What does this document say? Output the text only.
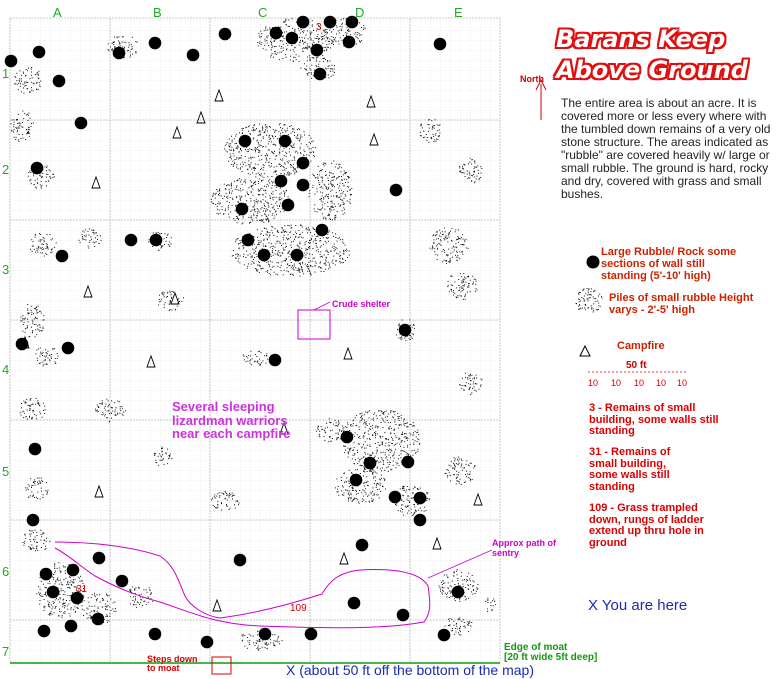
A	B	C	D	E
1
2
3
4
5
6
7
Barans Keep
Above Ground
North
The entire area is about an acre. It is covered more or less every where with the tumbled down remains of a very old stone structure. The areas indicated as "rubble" are covered heavily w/ large or small rubble. The ground is hard, rocky and dry, covered with grass and small bushes.
Large Rubble/ Rock some sections of wall still standing (5'-10' high)
Piles of small rubble Height varys - 2'-5' high
Campfire
50 ft
10 10 10 10 10
3 - Remains of small building, some walls still standing
31 - Remains of small building, some walls still standing
109 - Grass trampled down, rungs of ladder extend up thru hole in ground
X You are here
X (about 50 ft off the bottom of the map)
Crude shelter
Several sleeping lizardman warriors near each campfire
Approx path of sentry
Edge of moat
[20 ft wide 5ft deep]
Steps down
to moat
31
109
3
